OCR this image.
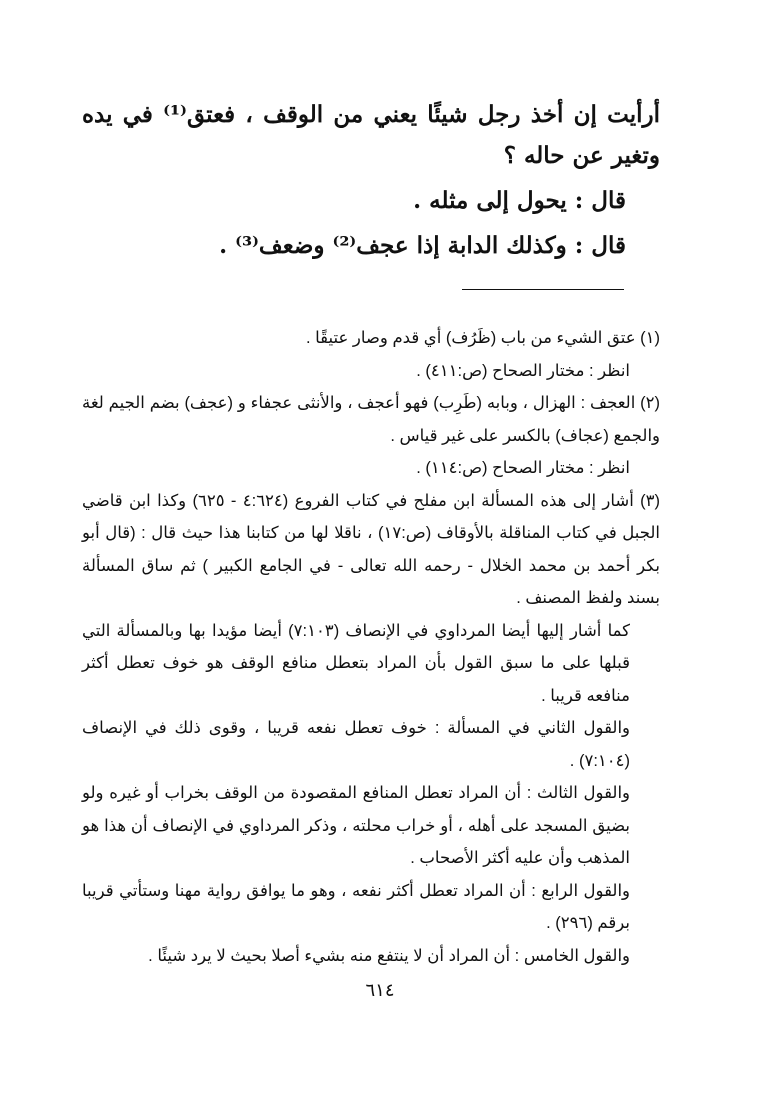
أرأيت إن أخذ رجل شيئًا يعني من الوقف ، فعتق⁽¹⁾ في يده وتغير عن حاله ؟

قال : يحول إلى مثله .

قال : وكذلك الدابة إذا عجف⁽²⁾ وضعف⁽³⁾ .

(١) عتق الشيء من باب (ظَرُف) أي قدم وصار عتيقًا .

انظر : مختار الصحاح (ص:٤١١) .

(٢) العجف : الهزال ، وبابه (طَرِب) فهو أعجف ، والأنثى عجفاء و (عجف) بضم الجيم لغة والجمع (عجاف) بالكسر على غير قياس .

انظر : مختار الصحاح (ص:١١٤) .

(٣) أشار إلى هذه المسألة ابن مفلح في كتاب الفروع (٤:٦٢٤ - ٦٢٥) وكذا ابن قاضي الجبل في كتاب المناقلة بالأوقاف (ص:١٧) ، ناقلا لها من كتابنا هذا حيث قال : (قال أبو بكر أحمد بن محمد الخلال - رحمه الله تعالى - في الجامع الكبير ) ثم ساق المسألة بسند ولفظ المصنف .

كما أشار إليها أيضا المرداوي في الإنصاف (٧:١٠٣) أيضا مؤيدا بها وبالمسألة التي قبلها على ما سبق القول بأن المراد بتعطل منافع الوقف هو خوف تعطل أكثر منافعه قريبا .

والقول الثاني في المسألة : خوف تعطل نفعه قريبا ، وقوى ذلك في الإنصاف (٧:١٠٤) .

والقول الثالث : أن المراد تعطل المنافع المقصودة من الوقف بخراب أو غيره ولو بضيق المسجد على أهله ، أو خراب محلته ، وذكر المرداوي في الإنصاف أن هذا هو المذهب وأن عليه أكثر الأصحاب .

والقول الرابع : أن المراد تعطل أكثر نفعه ، وهو ما يوافق رواية مهنا وستأتي قريبا برقم (٢٩٦) .

والقول الخامس : أن المراد أن لا ينتفع منه بشيء أصلا بحيث لا يرد شيئًا .

٦١٤
